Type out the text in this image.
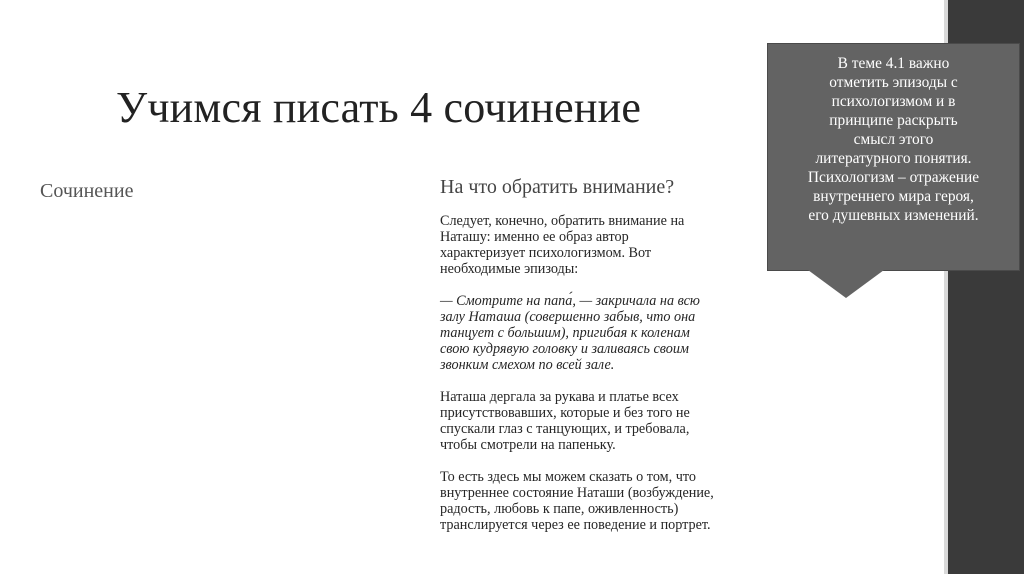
Учимся писать 4 сочинение
Сочинение	На что обратить внимание?

Следует, конечно, обратить внимание на
Наташу: именно ее образ автор
характеризует психологизмом. Вот
необходимые эпизоды:

— Смотрите на папа́, — закричала на всю
залу Наташа (совершенно забыв, что она
танцует с большим), пригибая к коленам
свою кудрявую головку и заливаясь своим
звонким смехом по всей зале.

Наташа дергала за рукава и платье всех
присутствовавших, которые и без того не
спускали глаз с танцующих, и требовала,
чтобы смотрели на папеньку.

То есть здесь мы можем сказать о том, что
внутреннее состояние Наташи (возбуждение,
радость, любовь к папе, оживленность)
транслируется через ее поведение и портрет.

В теме 4.1 важно
отметить эпизоды с
психологизмом и в
принципе раскрыть
смысл этого
литературного понятия.
Психологизм – отражение
внутреннего мира героя,
его душевных изменений.
